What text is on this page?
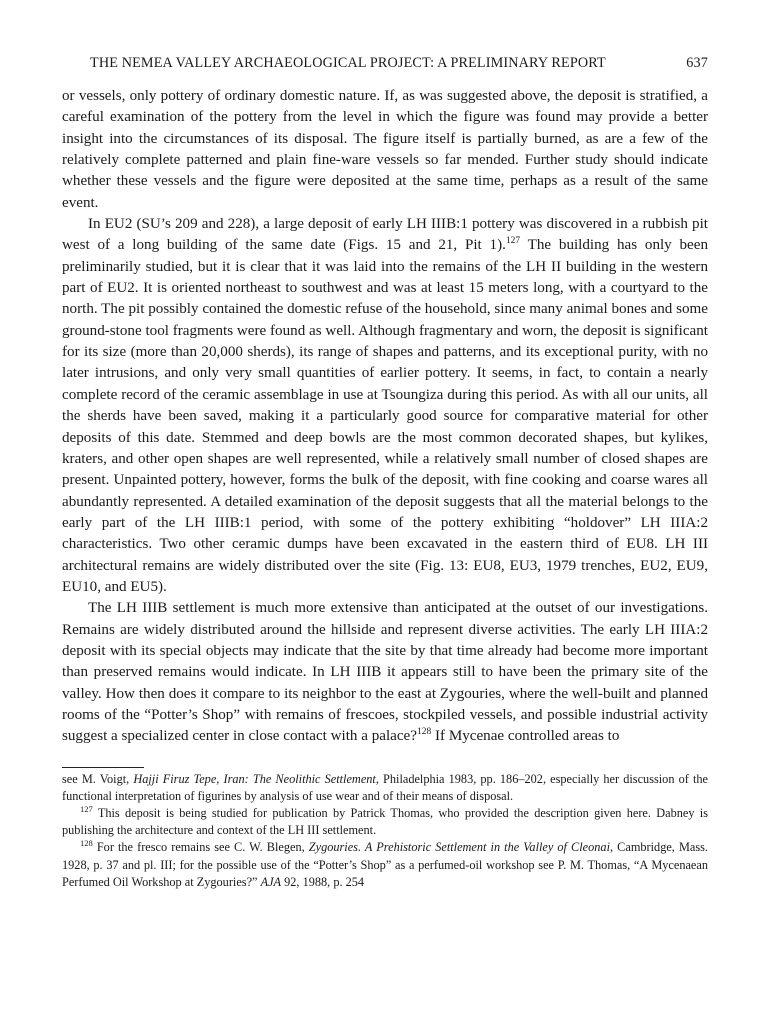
THE NEMEA VALLEY ARCHAEOLOGICAL PROJECT: A PRELIMINARY REPORT	637

or vessels, only pottery of ordinary domestic nature. If, as was suggested above, the deposit is stratified, a careful examination of the pottery from the level in which the figure was found may provide a better insight into the circumstances of its disposal. The figure itself is partially burned, as are a few of the relatively complete patterned and plain fine-ware vessels so far mended. Further study should indicate whether these vessels and the figure were deposited at the same time, perhaps as a result of the same event.

In EU2 (SU’s 209 and 228), a large deposit of early LH IIIB:1 pottery was discovered in a rubbish pit west of a long building of the same date (Figs. 15 and 21, Pit 1).$^{127}$ The building has only been preliminarily studied, but it is clear that it was laid into the remains of the LH II building in the western part of EU2. It is oriented northeast to southwest and was at least 15 meters long, with a courtyard to the north. The pit possibly contained the domestic refuse of the household, since many animal bones and some ground-stone tool fragments were found as well. Although fragmentary and worn, the deposit is significant for its size (more than 20,000 sherds), its range of shapes and patterns, and its exceptional purity, with no later intrusions, and only very small quantities of earlier pottery. It seems, in fact, to contain a nearly complete record of the ceramic assemblage in use at Tsoungiza during this period. As with all our units, all the sherds have been saved, making it a particularly good source for comparative material for other deposits of this date. Stemmed and deep bowls are the most common decorated shapes, but kylikes, kraters, and other open shapes are well represented, while a relatively small number of closed shapes are present. Unpainted pottery, however, forms the bulk of the deposit, with fine cooking and coarse wares all abundantly represented. A detailed examination of the deposit suggests that all the material belongs to the early part of the LH IIIB:1 period, with some of the pottery exhibiting “holdover” LH IIIA:2 characteristics. Two other ceramic dumps have been excavated in the eastern third of EU8. LH III architectural remains are widely distributed over the site (Fig. 13: EU8, EU3, 1979 trenches, EU2, EU9, EU10, and EU5).

The LH IIIB settlement is much more extensive than anticipated at the outset of our investigations. Remains are widely distributed around the hillside and represent diverse activities. The early LH IIIA:2 deposit with its special objects may indicate that the site by that time already had become more important than preserved remains would indicate. In LH IIIB it appears still to have been the primary site of the valley. How then does it compare to its neighbor to the east at Zygouries, where the well-built and planned rooms of the “Potter’s Shop” with remains of frescoes, stockpiled vessels, and possible industrial activity suggest a specialized center in close contact with a palace?$^{128}$ If Mycenae controlled areas to

see M. Voigt, Hajji Firuz Tepe, Iran: The Neolithic Settlement, Philadelphia 1983, pp. 186–202, especially her discussion of the functional interpretation of figurines by analysis of use wear and of their means of disposal.

$^{127}$ This deposit is being studied for publication by Patrick Thomas, who provided the description given here. Dabney is publishing the architecture and context of the LH III settlement.

$^{128}$ For the fresco remains see C. W. Blegen, Zygouries. A Prehistoric Settlement in the Valley of Cleonai, Cambridge, Mass. 1928, p. 37 and pl. III; for the possible use of the “Potter’s Shop” as a perfumed-oil workshop see P. M. Thomas, “A Mycenaean Perfumed Oil Workshop at Zygouries?” AJA 92, 1988, p. 254
